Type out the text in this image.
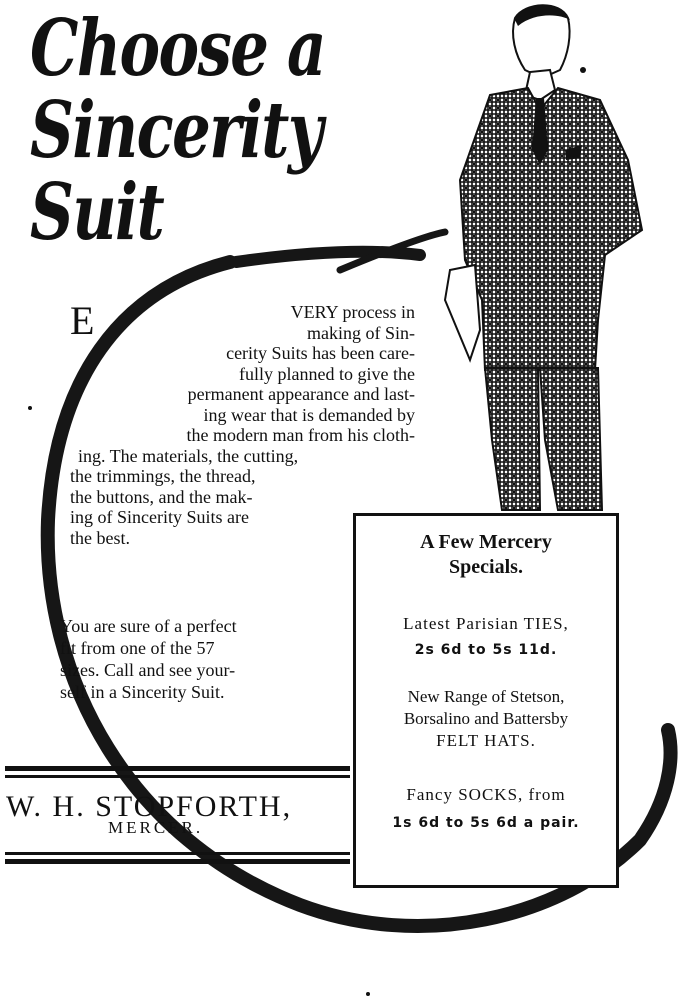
Choose a
Sincerity
Suit
E	VERY process in
making of Sin-
cerity Suits has been care-
fully planned to give the
permanent appearance and last-
ing wear that is demanded by
the modern man from his cloth-
ing. The materials, the cutting,
the trimmings, the thread,
the buttons, and the mak-
ing of Sincerity Suits are
the best.
You are sure of a perfect
fit from one of the 57
sizes. Call and see your-
self in a Sincerity Suit.
W. H. STOPFORTH,
MERCER.
A Few Mercery
Specials.
Latest Parisian TIES,
2s 6d to 5s 11d.
New Range of Stetson,
Borsalino and Battersby
FELT HATS.
Fancy SOCKS, from
1s 6d to 5s 6d a pair.
